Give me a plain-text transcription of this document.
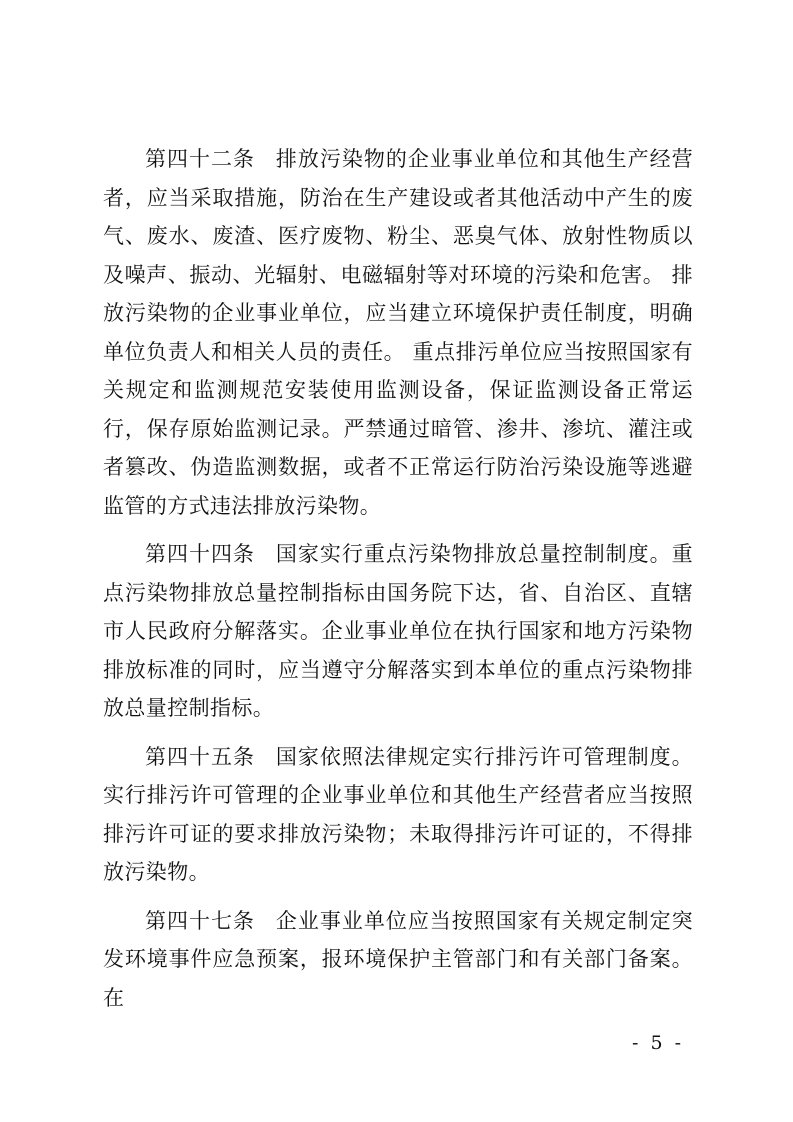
第四十二条 排放污染物的企业事业单位和其他生产经营者，应当采取措施，防治在生产建设或者其他活动中产生的废气、废水、废渣、医疗废物、粉尘、恶臭气体、放射性物质以及噪声、振动、光辐射、电磁辐射等对环境的污染和危害。 排放污染物的企业事业单位，应当建立环境保护责任制度，明确单位负责人和相关人员的责任。 重点排污单位应当按照国家有关规定和监测规范安装使用监测设备，保证监测设备正常运行，保存原始监测记录。严禁通过暗管、渗井、渗坑、灌注或者篡改、伪造监测数据，或者不正常运行防治污染设施等逃避监管的方式违法排放污染物。

第四十四条 国家实行重点污染物排放总量控制制度。重点污染物排放总量控制指标由国务院下达，省、自治区、直辖市人民政府分解落实。企业事业单位在执行国家和地方污染物排放标准的同时，应当遵守分解落实到本单位的重点污染物排放总量控制指标。

第四十五条 国家依照法律规定实行排污许可管理制度。实行排污许可管理的企业事业单位和其他生产经营者应当按照排污许可证的要求排放污染物；未取得排污许可证的，不得排放污染物。

第四十七条 企业事业单位应当按照国家有关规定制定突发环境事件应急预案，报环境保护主管部门和有关部门备案。在

- 5 -
